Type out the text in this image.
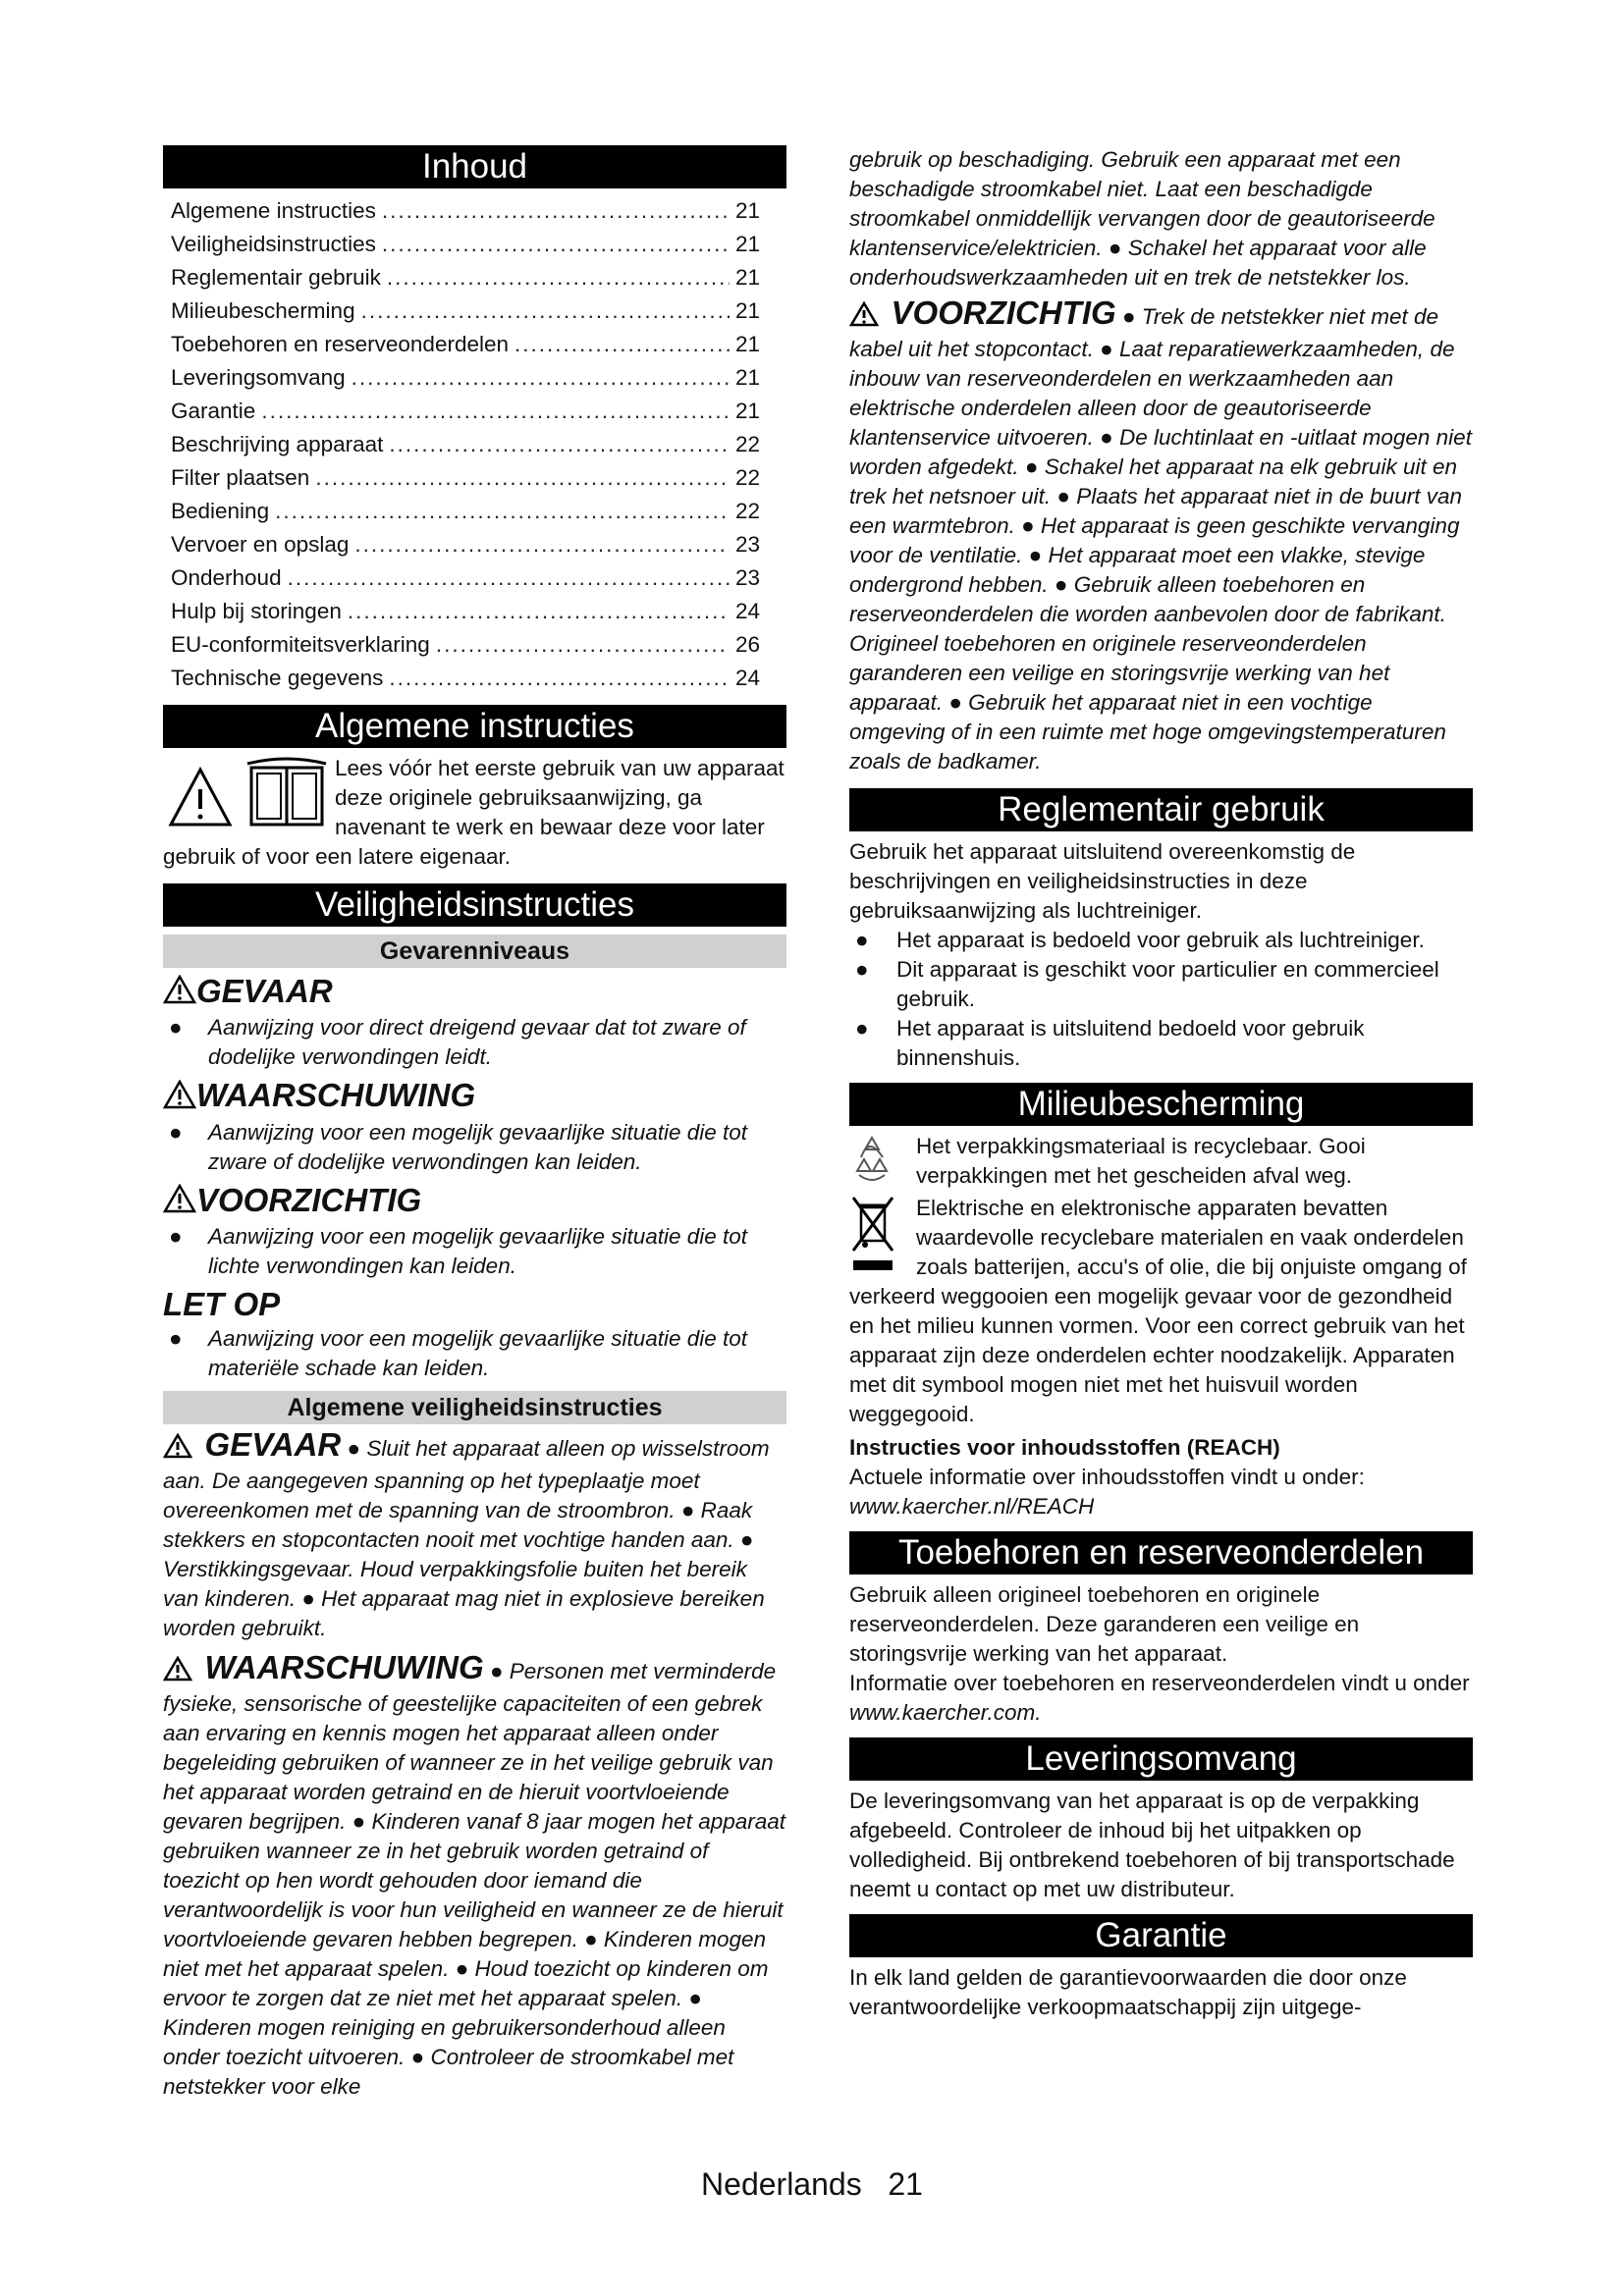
Inhoud
Algemene instructies .....	21
Veiligheidsinstructies .....	21
Reglementair gebruik .....	21
Milieubescherming .....	21
Toebehoren en reserveonderdelen .....	21
Leveringsomvang .....	21
Garantie .....	21
Beschrijving apparaat .....	22
Filter plaatsen .....	22
Bediening .....	22
Vervoer en opslag .....	23
Onderhoud .....	23
Hulp bij storingen .....	24
EU-conformiteitsverklaring .....	26
Technische gegevens .....	24
Algemene instructies

Lees vóór het eerste gebruik van uw apparaat deze originele gebruiksaanwijzing, ga navenant te werk en bewaar deze voor later gebruik of voor een latere eigenaar.

Veiligheidsinstructies
Gevarenniveaus
GEVAAR
●	Aanwijzing voor direct dreigend gevaar dat tot zware of dodelijke verwondingen leidt.
WAARSCHUWING
●	Aanwijzing voor een mogelijk gevaarlijke situatie die tot zware of dodelijke verwondingen kan leiden.
VOORZICHTIG
●	Aanwijzing voor een mogelijk gevaarlijke situatie die tot lichte verwondingen kan leiden.
LET OP
●	Aanwijzing voor een mogelijk gevaarlijke situatie die tot materiële schade kan leiden.
Algemene veiligheidsinstructies

GEVAAR ● Sluit het apparaat alleen op wisselstroom aan. De aangegeven spanning op het typeplaatje moet overeenkomen met de spanning van de stroombron. ● Raak stekkers en stopcontacten nooit met vochtige handen aan. ● Verstikkingsgevaar. Houd verpakkingsfolie buiten het bereik van kinderen. ● Het apparaat mag niet in explosieve bereiken worden gebruikt.

WAARSCHUWING ● Personen met verminderde fysieke, sensorische of geestelijke capaciteiten of een gebrek aan ervaring en kennis mogen het apparaat alleen onder begeleiding gebruiken of wanneer ze in het veilige gebruik van het apparaat worden getraind en de hieruit voortvloeiende gevaren begrijpen. ● Kinderen vanaf 8 jaar mogen het apparaat gebruiken wanneer ze in het gebruik worden getraind of toezicht op hen wordt gehouden door iemand die verantwoordelijk is voor hun veiligheid en wanneer ze de hieruit voortvloeiende gevaren hebben begrepen. ● Kinderen mogen niet met het apparaat spelen. ● Houd toezicht op kinderen om ervoor te zorgen dat ze niet met het apparaat spelen. ● Kinderen mogen reiniging en gebruikersonderhoud alleen onder toezicht uitvoeren. ● Controleer de stroomkabel met netstekker voor elke

gebruik op beschadiging. Gebruik een apparaat met een beschadigde stroomkabel niet. Laat een beschadigde stroomkabel onmiddellijk vervangen door de geautoriseerde klantenservice/elektricien. ● Schakel het apparaat voor alle onderhoudswerkzaamheden uit en trek de netstekker los.

VOORZICHTIG ● Trek de netstekker niet met de kabel uit het stopcontact. ● Laat reparatiewerkzaamheden, de inbouw van reserveonderdelen en werkzaamheden aan elektrische onderdelen alleen door de geautoriseerde klantenservice uitvoeren. ● De luchtinlaat en -uitlaat mogen niet worden afgedekt. ● Schakel het apparaat na elk gebruik uit en trek het netsnoer uit. ● Plaats het apparaat niet in de buurt van een warmtebron. ● Het apparaat is geen geschikte vervanging voor de ventilatie. ● Het apparaat moet een vlakke, stevige ondergrond hebben. ● Gebruik alleen toebehoren en reserveonderdelen die worden aanbevolen door de fabrikant. Origineel toebehoren en originele reserveonderdelen garanderen een veilige en storingsvrije werking van het apparaat. ● Gebruik het apparaat niet in een vochtige omgeving of in een ruimte met hoge omgevingstemperaturen zoals de badkamer.

Reglementair gebruik

Gebruik het apparaat uitsluitend overeenkomstig de beschrijvingen en veiligheidsinstructies in deze gebruiksaanwijzing als luchtreiniger.

●	Het apparaat is bedoeld voor gebruik als luchtreiniger.
●	Dit apparaat is geschikt voor particulier en commercieel gebruik.
●	Het apparaat is uitsluitend bedoeld voor gebruik binnenshuis.
Milieubescherming

Het verpakkingsmateriaal is recyclebaar. Gooi verpakkingen met het gescheiden afval weg.

Elektrische en elektronische apparaten bevatten waardevolle recyclebare materialen en vaak onderdelen zoals batterijen, accu's of olie, die bij onjuiste omgang of verkeerd weggooien een mogelijk gevaar voor de gezondheid en het milieu kunnen vormen. Voor een correct gebruik van het apparaat zijn deze onderdelen echter noodzakelijk. Apparaten met dit symbool mogen niet met het huisvuil worden weggegooid.

Instructies voor inhoudsstoffen (REACH)

Actuele informatie over inhoudsstoffen vindt u onder:

www.kaercher.nl/REACH

Toebehoren en reserveonderdelen

Gebruik alleen origineel toebehoren en originele reserveonderdelen. Deze garanderen een veilige en storingsvrije werking van het apparaat.

Informatie over toebehoren en reserveonderdelen vindt u onder www.kaercher.com.

Leveringsomvang

De leveringsomvang van het apparaat is op de verpakking afgebeeld. Controleer de inhoud bij het uitpakken op volledigheid. Bij ontbrekend toebehoren of bij transportschade neemt u contact op met uw distributeur.

Garantie

In elk land gelden de garantievoorwaarden die door onze verantwoordelijke verkoopmaatschappij zijn uitgege-

Nederlands 21
